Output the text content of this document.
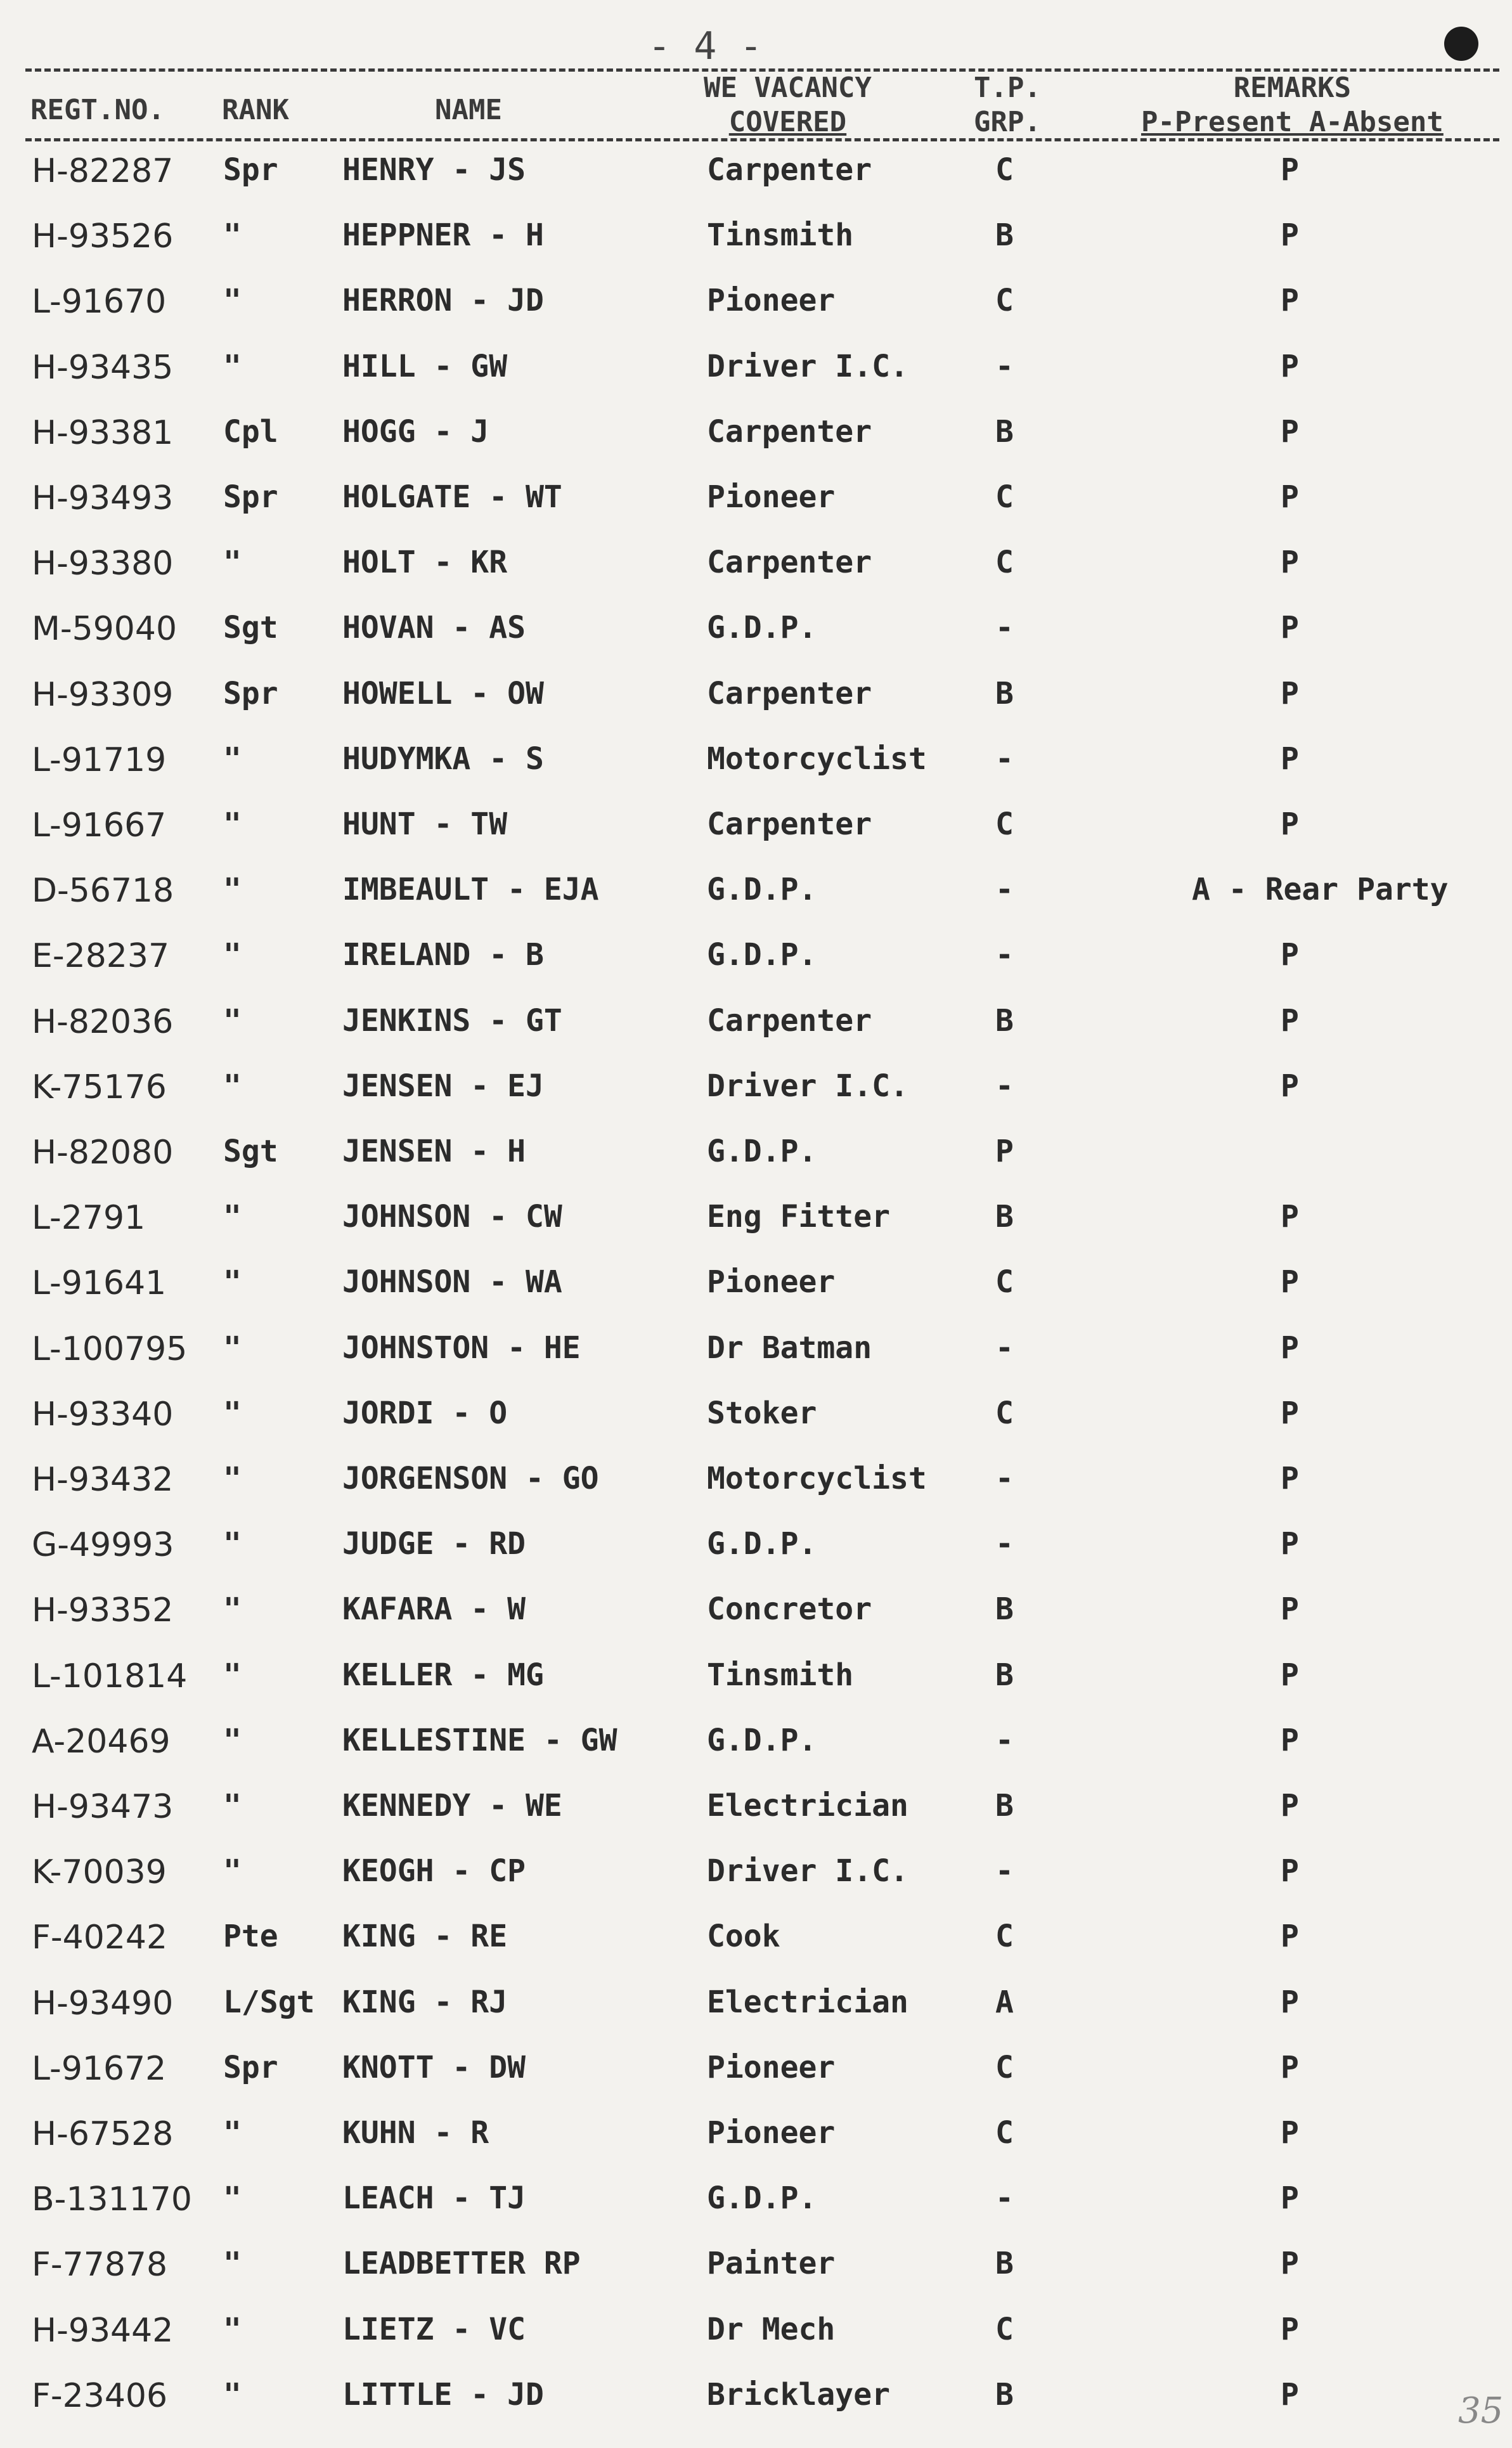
- 4 -
REGT.NO. RANK	NAME
WE VACANCY
COVERED
T.P.
GRP.
REMARKS
P-Present A-Absent
H-82287 Spr HENRY - JS	Carpenter	C	P
H-93526 "	HEPPNER - H	Tinsmith	B	P
L-91670 "	HERRON - JD	Pioneer	C	P
H-93435 "	HILL - GW	Driver I.C.	-	P
H-93381 Cpl HOGG - J	Carpenter	B	P
H-93493 Spr HOLGATE - WT	Pioneer	C	P
H-93380 "	HOLT - KR	Carpenter	C	P
M-59040 Sgt HOVAN - AS	G.D.P.	-	P
H-93309 Spr HOWELL - OW	Carpenter	B	P
L-91719 "	HUDYMKA - S	Motorcyclist -	P
L-91667 "	HUNT - TW	Carpenter	C	P
D-56718 "	IMBEAULT - EJA	G.D.P.	-	A - Rear Party
E-28237 "	IRELAND - B	G.D.P.	-	P
H-82036 "	JENKINS - GT	Carpenter	B	P
K-75176 "	JENSEN - EJ	Driver I.C.	-	P
H-82080 Sgt JENSEN - H	G.D.P.	P
L-2791	"	JOHNSON - CW	Eng Fitter	B	P
L-91641 "	JOHNSON - WA	Pioneer	C	P
L-100795 "	JOHNSTON - HE	Dr Batman	-	P
H-93340 "	JORDI - O	Stoker	C	P
H-93432 "	JORGENSON - GO	Motorcyclist -	P
G-49993 "	JUDGE - RD	G.D.P.	-	P
H-93352 "	KAFARA - W	Concretor	B	P
L-101814 "	KELLER - MG	Tinsmith	B	P
A-20469 "	KELLESTINE - GW	G.D.P.	-	P
H-93473 "	KENNEDY - WE	Electrician	B	P
K-70039 "	KEOGH - CP	Driver I.C.	-	P
F-40242 Pte KING - RE	Cook	C	P
H-93490 L/Sgt KING - RJ	Electrician	A	P
L-91672 Spr KNOTT - DW	Pioneer	C	P
H-67528 "	KUHN - R	Pioneer	C	P
B-131170 "	LEACH - TJ	G.D.P.	-	P
F-77878 "	LEADBETTER RP	Painter	B	P
H-93442 "	LIETZ - VC	Dr Mech	C	P
F-23406 "	LITTLE - JD	Bricklayer	B	P	35
